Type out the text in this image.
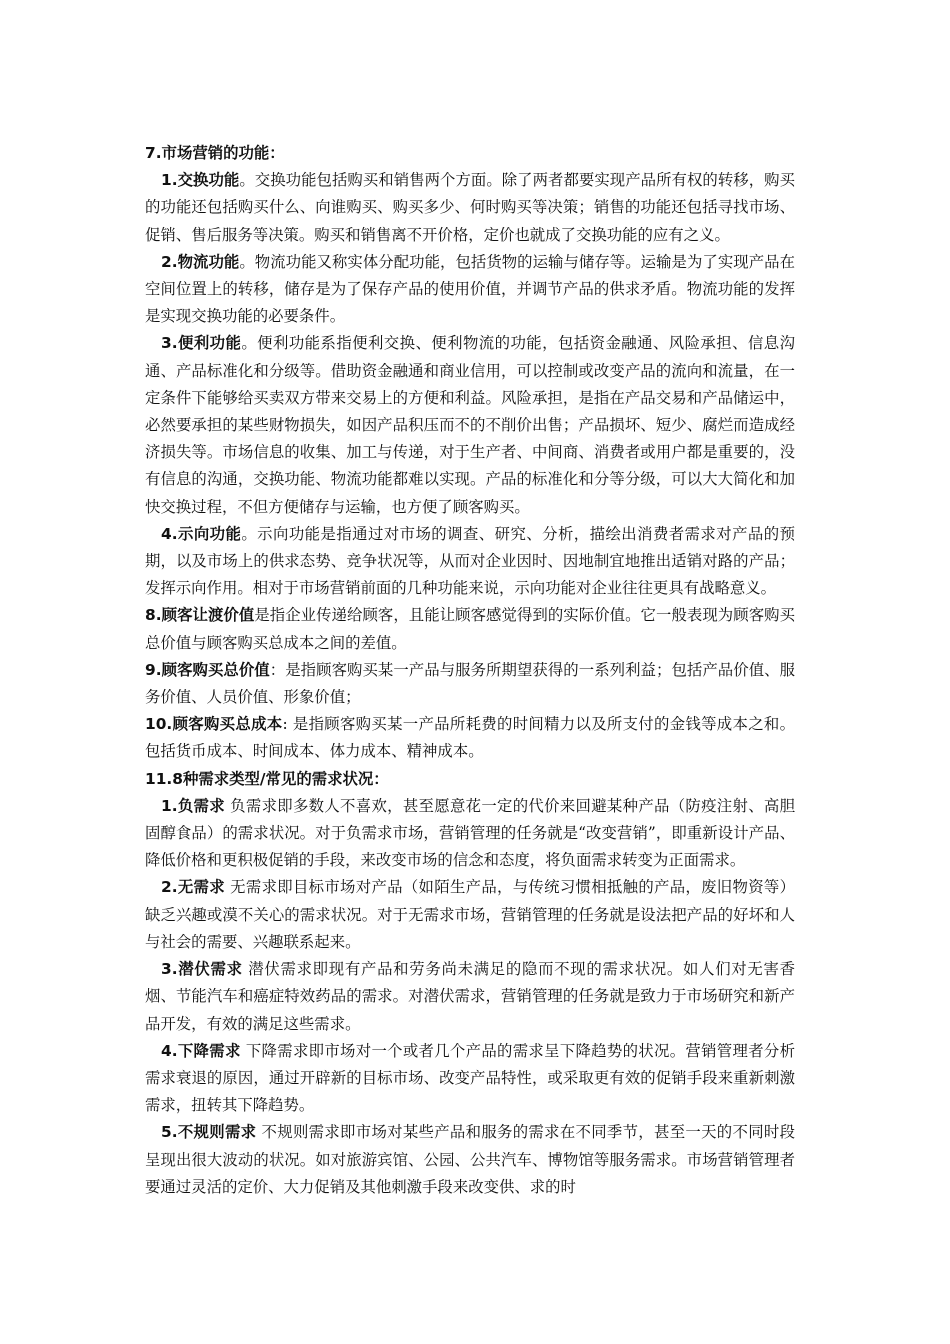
7.市场营销的功能：

1.交换功能。交换功能包括购买和销售两个方面。除了两者都要实现产品所有权的转移，购买的功能还包括购买什么、向谁购买、购买多少、何时购买等决策；销售的功能还包括寻找市场、促销、售后服务等决策。购买和销售离不开价格，定价也就成了交换功能的应有之义。

2.物流功能。物流功能又称实体分配功能，包括货物的运输与储存等。运输是为了实现产品在空间位置上的转移，储存是为了保存产品的使用价值，并调节产品的供求矛盾。物流功能的发挥是实现交换功能的必要条件。

3.便利功能。便利功能系指便利交换、便利物流的功能，包括资金融通、风险承担、信息沟通、产品标准化和分级等。借助资金融通和商业信用，可以控制或改变产品的流向和流量，在一定条件下能够给买卖双方带来交易上的方便和利益。风险承担，是指在产品交易和产品储运中，必然要承担的某些财物损失，如因产品积压而不的不削价出售；产品损坏、短少、腐烂而造成经济损失等。市场信息的收集、加工与传递，对于生产者、中间商、消费者或用户都是重要的，没有信息的沟通，交换功能、物流功能都难以实现。产品的标准化和分等分级，可以大大简化和加快交换过程，不但方便储存与运输，也方便了顾客购买。

4.示向功能。示向功能是指通过对市场的调查、研究、分析，描绘出消费者需求对产品的预期，以及市场上的供求态势、竞争状况等，从而对企业因时、因地制宜地推出适销对路的产品；发挥示向作用。相对于市场营销前面的几种功能来说，示向功能对企业往往更具有战略意义。

8.顾客让渡价值是指企业传递给顾客，且能让顾客感觉得到的实际价值。它一般表现为顾客购买总价值与顾客购买总成本之间的差值。

9.顾客购买总价值：是指顾客购买某一产品与服务所期望获得的一系列利益；包括产品价值、服务价值、人员价值、形象价值；

10.顾客购买总成本: 是指顾客购买某一产品所耗费的时间精力以及所支付的金钱等成本之和。包括货币成本、时间成本、体力成本、精神成本。

11.8种需求类型/常见的需求状况：

1.负需求 负需求即多数人不喜欢，甚至愿意花一定的代价来回避某种产品（防疫注射、高胆固醇食品）的需求状况。对于负需求市场，营销管理的任务就是“改变营销”，即重新设计产品、降低价格和更积极促销的手段，来改变市场的信念和态度，将负面需求转变为正面需求。

2.无需求 无需求即目标市场对产品（如陌生产品，与传统习惯相抵触的产品，废旧物资等）缺乏兴趣或漠不关心的需求状况。对于无需求市场，营销管理的任务就是设法把产品的好坏和人与社会的需要、兴趣联系起来。

3.潜伏需求 潜伏需求即现有产品和劳务尚未满足的隐而不现的需求状况。如人们对无害香烟、节能汽车和癌症特效药品的需求。对潜伏需求，营销管理的任务就是致力于市场研究和新产品开发，有效的满足这些需求。

4.下降需求 下降需求即市场对一个或者几个产品的需求呈下降趋势的状况。营销管理者分析需求衰退的原因，通过开辟新的目标市场、改变产品特性，或采取更有效的促销手段来重新刺激需求，扭转其下降趋势。

5.不规则需求 不规则需求即市场对某些产品和服务的需求在不同季节，甚至一天的不同时段呈现出很大波动的状况。如对旅游宾馆、公园、公共汽车、博物馆等服务需求。市场营销管理者要通过灵活的定价、大力促销及其他刺激手段来改变供、求的时
